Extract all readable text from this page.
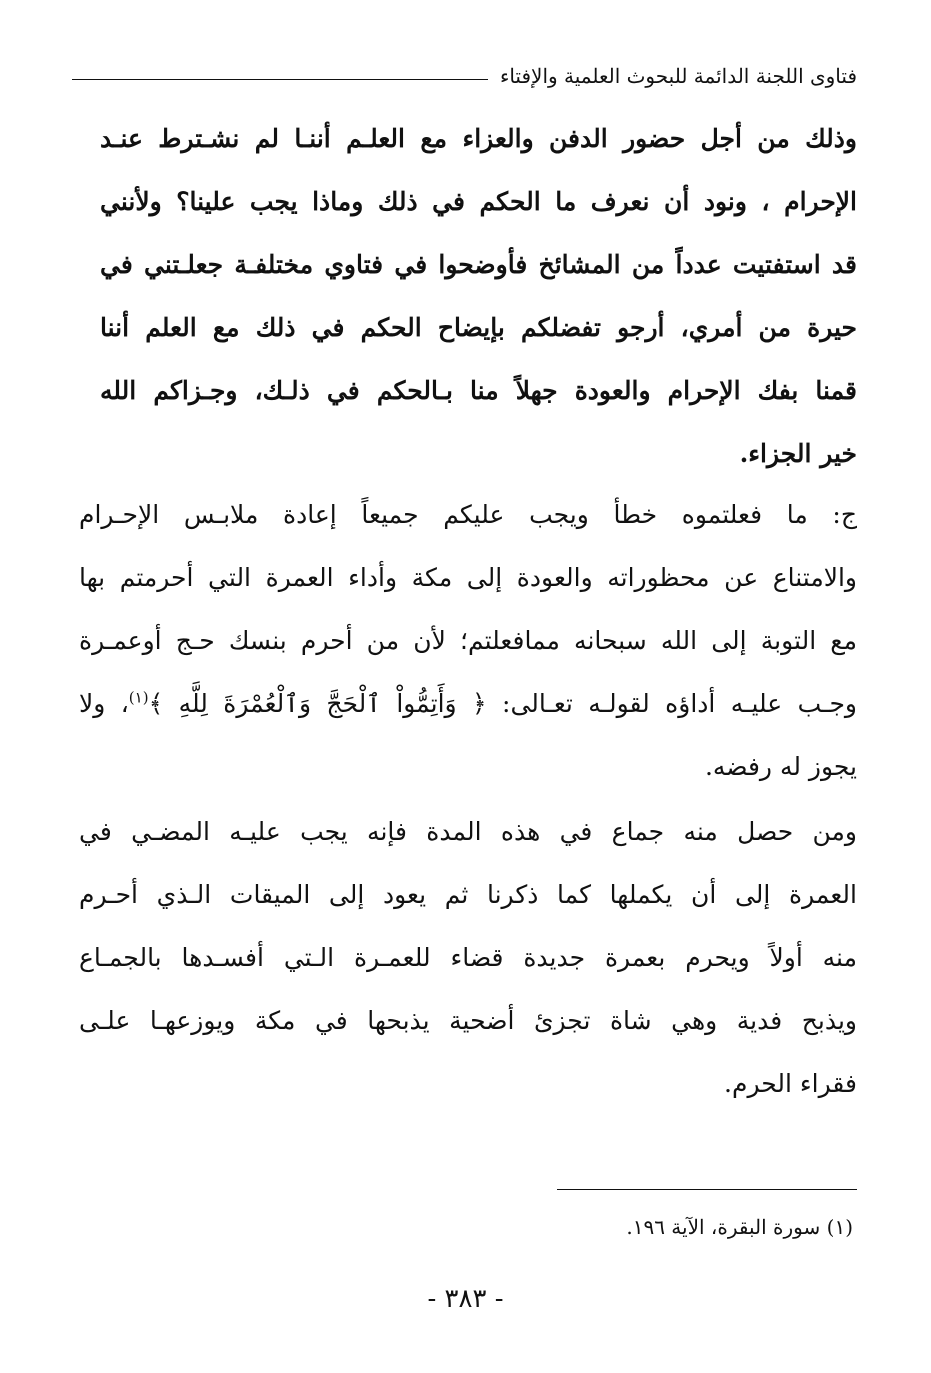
فتاوى اللجنة الدائمة للبحوث العلمية والإفتاء
وذلك من أجل حضور الدفن والعزاء مع العلـم أننـا لم نشـترط عنـد
الإحرام ، ونود أن نعرف ما الحكم في ذلك وماذا يجب علينا؟ ولأنني
قد استفتيت عدداً من المشائخ فأوضحوا في فتاوي مختلفـة جعلـتني في
حيرة من أمري، أرجو تفضلكم بإيضاح الحكم في ذلك مع العلم أننا
قمنا بفك الإحرام والعودة جهلاً منا بـالحكم في ذلـك، وجـزاكم الله
خير الجزاء.
ج: ما فعلتموه خطأ ويجب عليكم جميعاً إعادة ملابـس الإحـرام
والامتناع عن محظوراته والعودة إلى مكة وأداء العمرة التي أحرمتم بها
مع التوبة إلى الله سبحانه ممافعلتم؛ لأن من أحرم بنسك حـج أوعمـرة
وجـب عليـه أداؤه لقولـه تعـالى: ﴿ وَأَتِمُّواْ ٱلْحَجَّ وَٱلْعُمْرَةَ لِلَّهِ ﴾$^{(١)}$، ولا
يجوز له رفضه.
ومن حصل منه جماع في هذه المدة فإنه يجب عليـه المضـي في
العمرة إلى أن يكملها كما ذكرنا ثم يعود إلى الميقات الـذي أحـرم
منه أولاً ويحرم بعمرة جديدة قضاء للعمـرة الـتي أفسـدها بالجمـاع
ويذبح فدية وهي شاة تجزئ أضحية يذبحها في مكة ويوزعهـا علـى
فقراء الحرم.
(١) سورة البقرة، الآية ١٩٦.
- ٣٨٣ -
